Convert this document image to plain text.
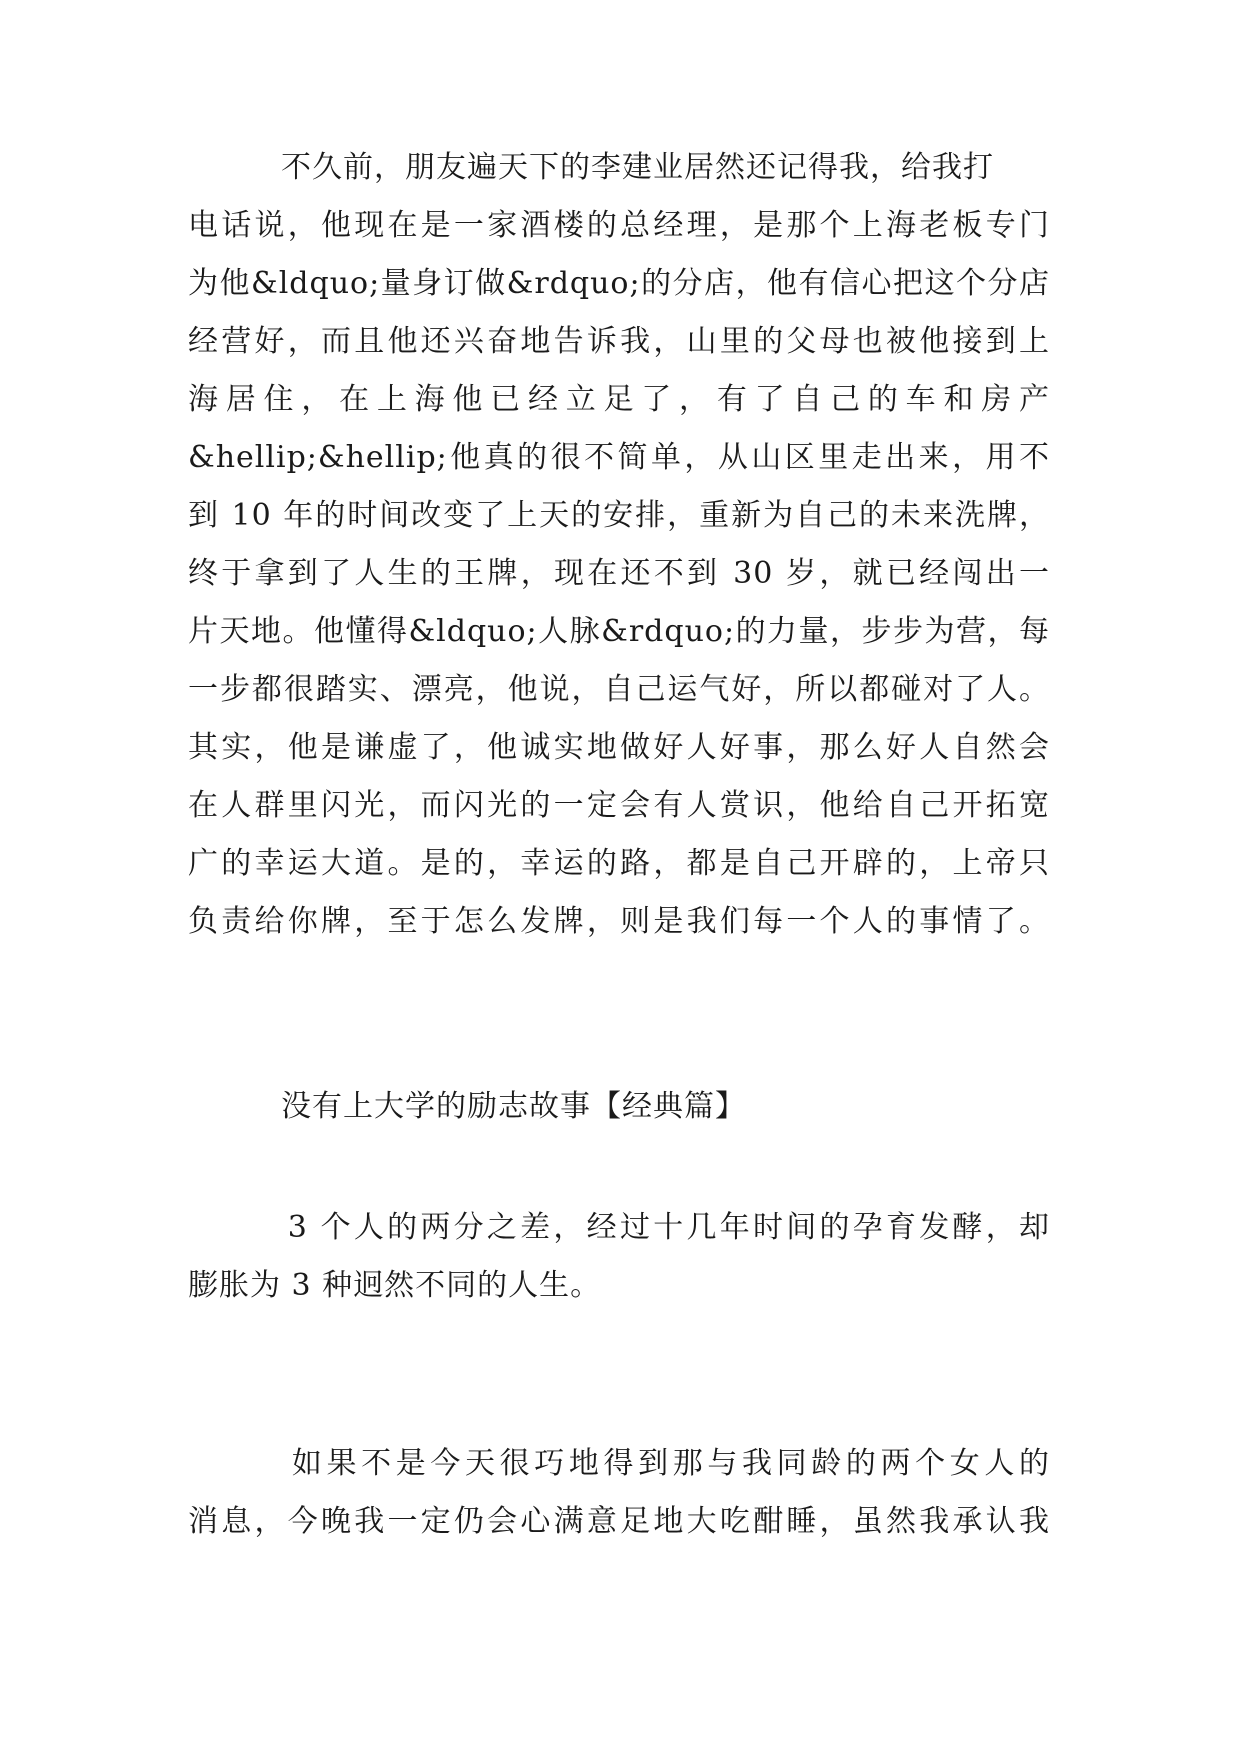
　　　不久前，朋友遍天下的李建业居然还记得我，给我打
电话说，他现在是一家酒楼的总经理，是那个上海老板专门
为他&ldquo;量身订做&rdquo;的分店，他有信心把这个分店
经营好，而且他还兴奋地告诉我，山里的父母也被他接到上
海居住，在上海他已经立足了，有了自己的车和房产
&hellip;&hellip;他真的很不简单，从山区里走出来，用不
到 10 年的时间改变了上天的安排，重新为自己的未来洗牌，
终于拿到了人生的王牌，现在还不到 30 岁，就已经闯出一
片天地。他懂得&ldquo;人脉&rdquo;的力量，步步为营，每
一步都很踏实、漂亮，他说，自己运气好，所以都碰对了人。
其实，他是谦虚了，他诚实地做好人好事，那么好人自然会
在人群里闪光，而闪光的一定会有人赏识，他给自己开拓宽
广的幸运大道。是的，幸运的路，都是自己开辟的，上帝只
负责给你牌，至于怎么发牌，则是我们每一个人的事情了。
　　　没有上大学的励志故事【经典篇】
　　　3 个人的两分之差，经过十几年时间的孕育发酵，却
膨胀为 3 种迥然不同的人生。
　　　如果不是今天很巧地得到那与我同龄的两个女人的
消息，今晚我一定仍会心满意足地大吃酣睡，虽然我承认我
